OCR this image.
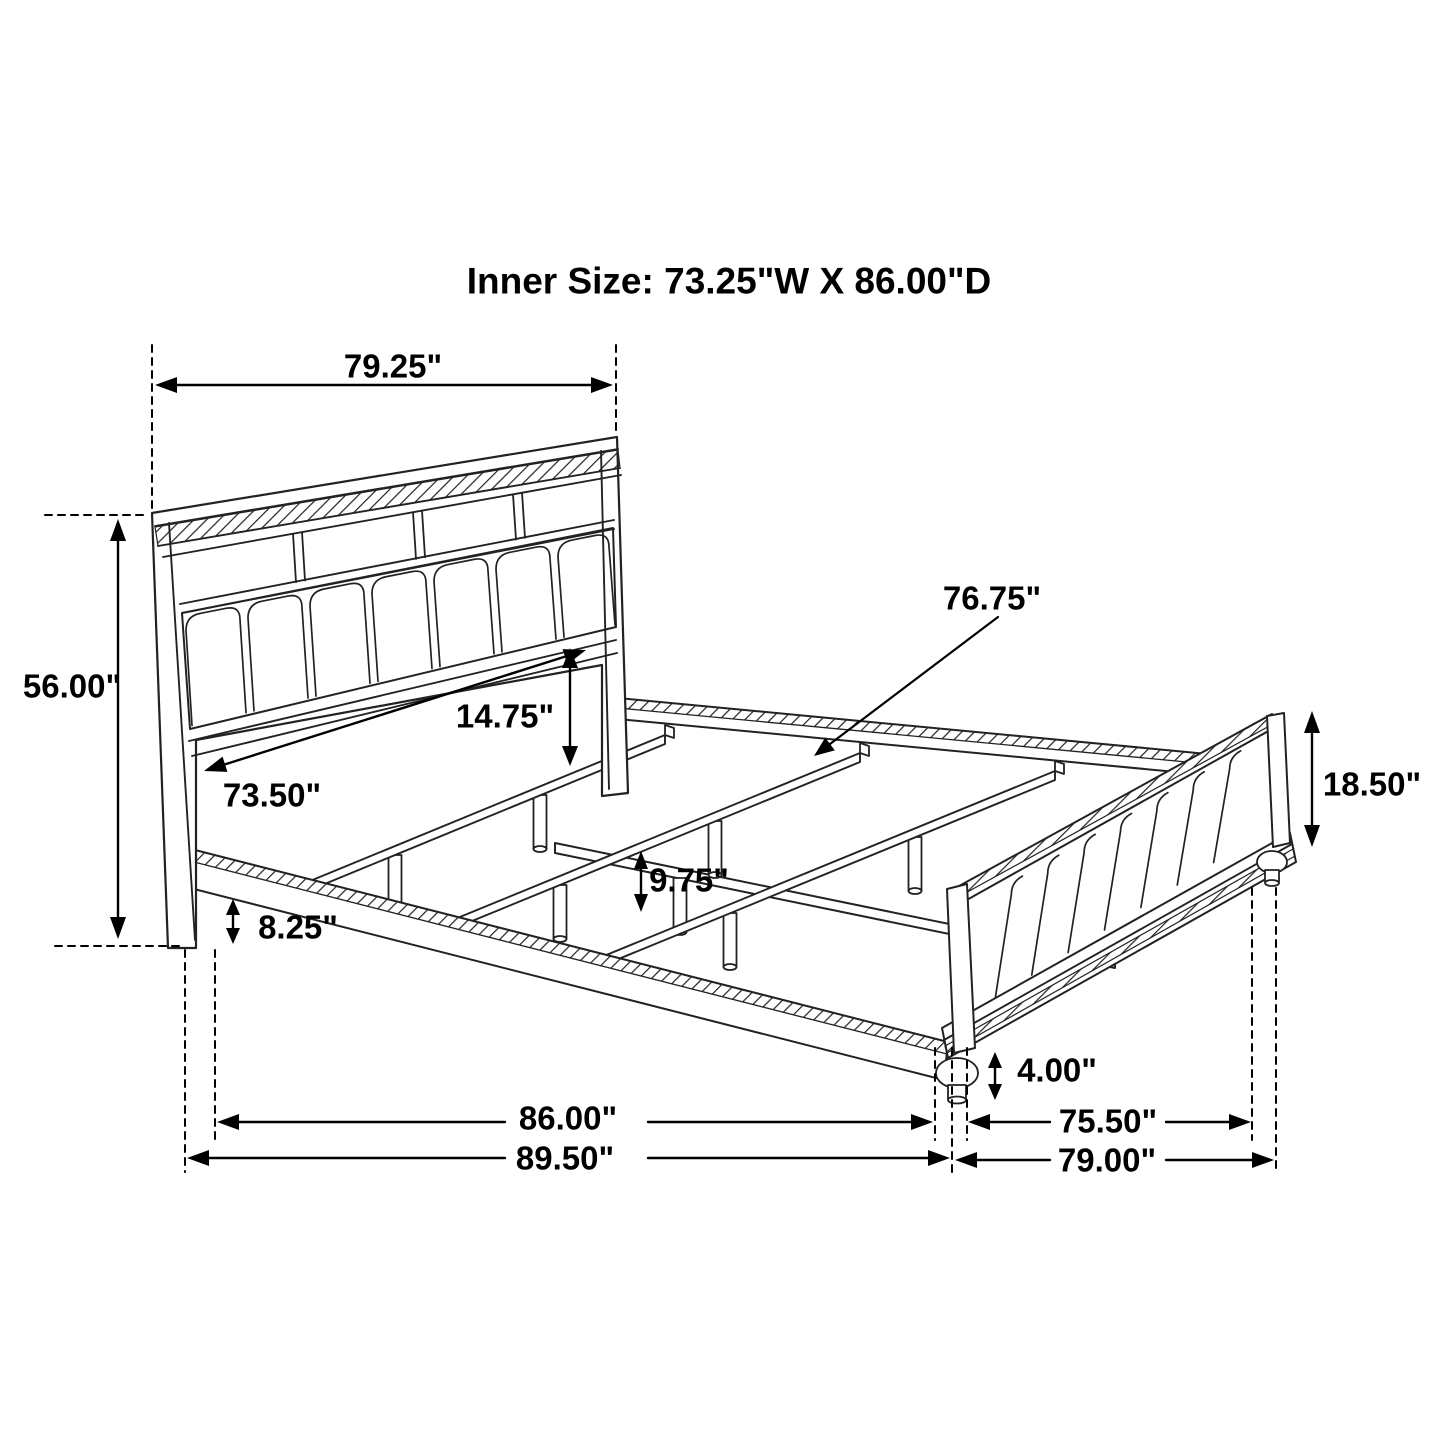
Inner Size: 73.25"W X 86.00"D
79.25"
56.00"
73.50"
14.75"
76.75"
18.50"
9.75"
8.25"
86.00"
89.50"
4.00"
75.50"
79.00"
